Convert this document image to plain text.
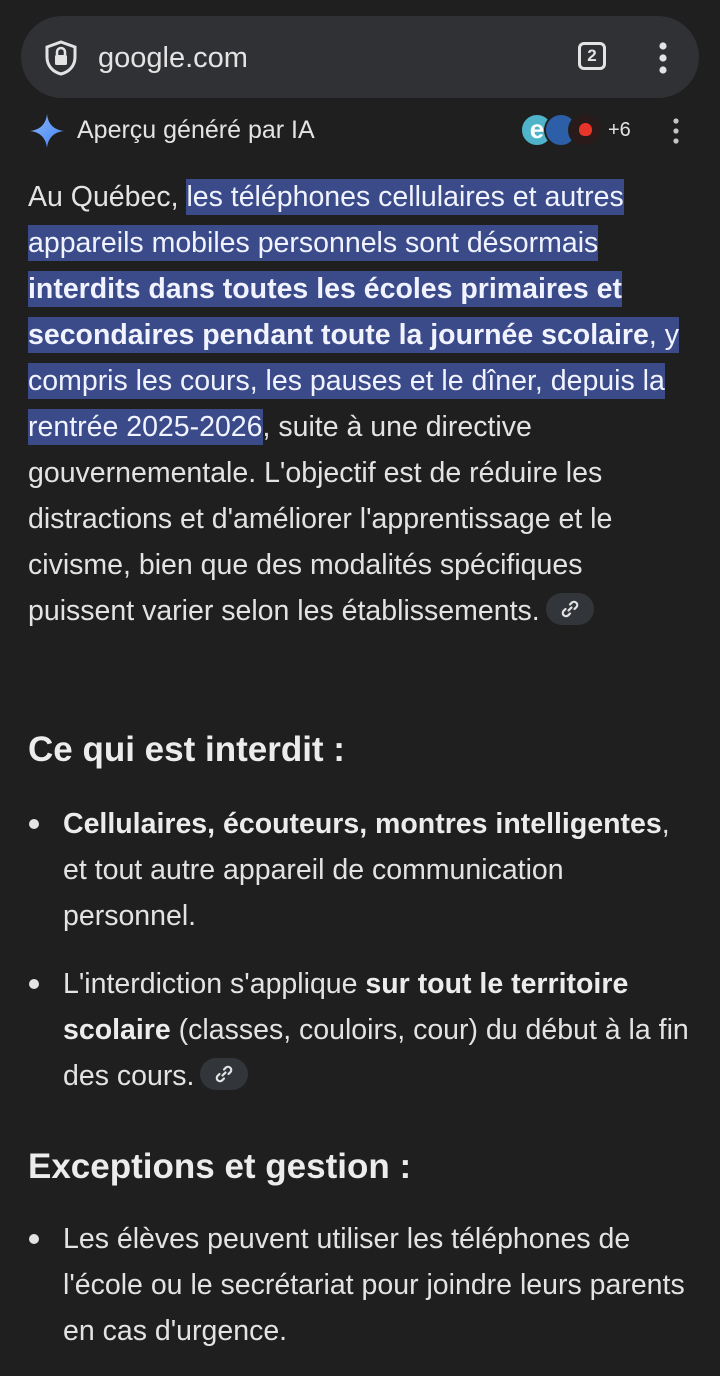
google.com	2
Aperçu généré par IA	e	+6

Au Québec, les téléphones cellulaires et autres appareils mobiles personnels sont désormais interdits dans toutes les écoles primaires et secondaires pendant toute la journée scolaire, y compris les cours, les pauses et le dîner, depuis la rentrée 2025-2026, suite à une directive gouvernementale. L'objectif est de réduire les distractions et d'améliorer l'apprentissage et le civisme, bien que des modalités spécifiques puissent varier selon les établissements.

Ce qui est interdit :
Cellulaires, écouteurs, montres intelligentes, et tout autre appareil de communication personnel.
L'interdiction s'applique sur tout le territoire scolaire (classes, couloirs, cour) du début à la fin des cours.
Exceptions et gestion :
Les élèves peuvent utiliser les téléphones de l'école ou le secrétariat pour joindre leurs parents en cas d'urgence.
